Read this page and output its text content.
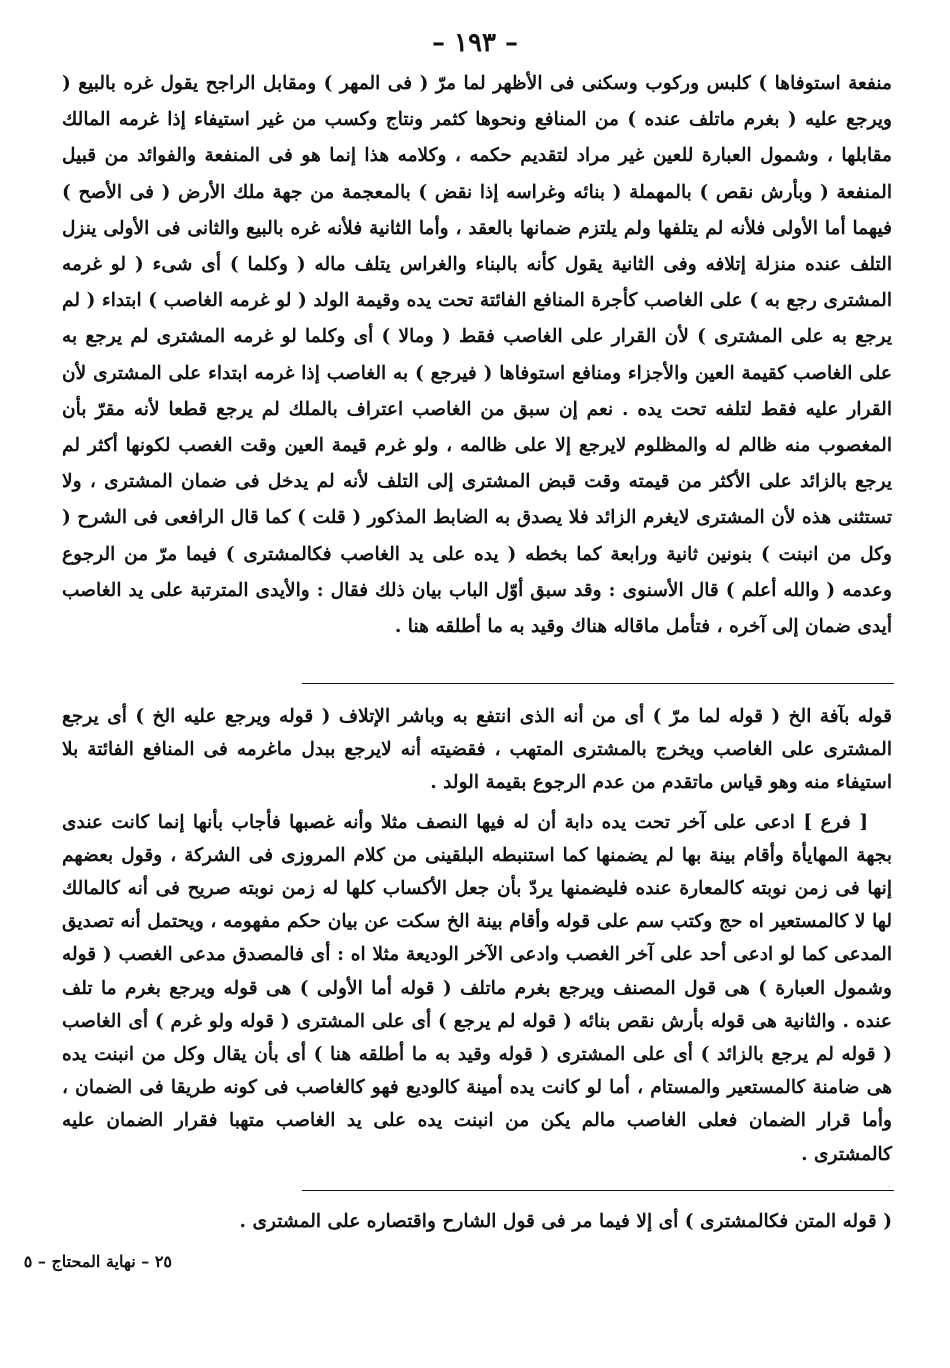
– ١٩٣ –
منفعة استوفاها ) كلبس وركوب وسكنى فى الأظهر لما مرّ ( فى المهر ) ومقابل الراجح يقول غره بالبيع ( ويرجع عليه ( بغرم ماتلف عنده ) من المنافع ونحوها كثمر ونتاج وكسب من غير استيفاء إذا غرمه المالك مقابلها ، وشمول العبارة للعين غير مراد لتقديم حكمه ، وكلامه هذا إنما هو فى المنفعة والفوائد من قبيل المنفعة ( وبأرش نقص ) بالمهملة ( بنائه وغراسه إذا نقض ) بالمعجمة من جهة ملك الأرض ( فى الأصح ) فيهما أما الأولى فلأنه لم يتلفها ولم يلتزم ضمانها بالعقد ، وأما الثانية فلأنه غره بالبيع والثانى فى الأولى ينزل التلف عنده منزلة إتلافه وفى الثانية يقول كأنه بالبناء والغراس يتلف ماله ( وكلما ) أى شىء ( لو غرمه المشترى رجع به ) على الغاصب كأجرة المنافع الفائتة تحت يده وقيمة الولد ( لو غرمه الغاصب ) ابتداء ( لم يرجع به على المشترى ) لأن القرار على الغاصب فقط ( ومالا ) أى وكلما لو غرمه المشترى لم يرجع به على الغاصب كقيمة العين والأجزاء ومنافع استوفاها ( فيرجع ) به الغاصب إذا غرمه ابتداء على المشترى لأن القرار عليه فقط لتلفه تحت يده . نعم إن سبق من الغاصب اعتراف بالملك لم يرجع قطعا لأنه مقرّ بأن المغصوب منه ظالم له والمظلوم لايرجع إلا على ظالمه ، ولو غرم قيمة العين وقت الغصب لكونها أكثر لم يرجع بالزائد على الأكثر من قيمته وقت قبض المشترى إلى التلف لأنه لم يدخل فى ضمان المشترى ، ولا تستثنى هذه لأن المشترى لايغرم الزائد فلا يصدق به الضابط المذكور ( قلت ) كما قال الرافعى فى الشرح ( وكل من انبنت ) بنونين ثانية ورابعة كما بخطه ( يده على يد الغاصب فكالمشترى ) فيما مرّ من الرجوع وعدمه ( والله أعلم ) قال الأسنوى : وقد سبق أوّل الباب بيان ذلك فقال : والأيدى المترتبة على يد الغاصب أيدى ضمان إلى آخره ، فتأمل ماقاله هناك وقيد به ما أطلقه هنا .

قوله بآفة الخ ( قوله لما مرّ ) أى من أنه الذى انتفع به وباشر الإتلاف ( قوله ويرجع عليه الخ ) أى يرجع المشترى على الغاصب ويخرج بالمشترى المتهب ، فقضيته أنه لايرجع ببدل ماغرمه فى المنافع الفائتة بلا استيفاء منه وهو قياس ماتقدم من عدم الرجوع بقيمة الولد .

[ فرع ] ادعى على آخر تحت يده دابة أن له فيها النصف مثلا وأنه غصبها فأجاب بأنها إنما كانت عندى بجهة المهايأة وأقام بينة بها لم يضمنها كما استنبطه البلقينى من كلام المروزى فى الشركة ، وقول بعضهم إنها فى زمن نوبته كالمعارة عنده فليضمنها يردّ بأن جعل الأكساب كلها له زمن نوبته صريح فى أنه كالمالك لها لا كالمستعير اه حج وكتب سم على قوله وأقام بينة الخ سكت عن بيان حكم مفهومه ، ويحتمل أنه تصديق المدعى كما لو ادعى أحد على آخر الغصب وادعى الآخر الوديعة مثلا اه : أى فالمصدق مدعى الغصب ( قوله وشمول العبارة ) هى قول المصنف ويرجع بغرم ماتلف ( قوله أما الأولى ) هى قوله ويرجع بغرم ما تلف عنده . والثانية هى قوله بأرش نقص بنائه ( قوله لم يرجع ) أى على المشترى ( قوله ولو غرم ) أى الغاصب ( قوله لم يرجع بالزائد ) أى على المشترى ( قوله وقيد به ما أطلقه هنا ) أى بأن يقال وكل من انبنت يده هى ضامنة كالمستعير والمستام ، أما لو كانت يده أمينة كالوديع فهو كالغاصب فى كونه طريقا فى الضمان ، وأما قرار الضمان فعلى الغاصب مالم يكن من انبنت يده على يد الغاصب متهبا فقرار الضمان عليه كالمشترى .

( قوله المتن فكالمشترى ) أى إلا فيما مر فى قول الشارح واقتصاره على المشترى .
٢٥ – نهاية المحتاج – ٥
